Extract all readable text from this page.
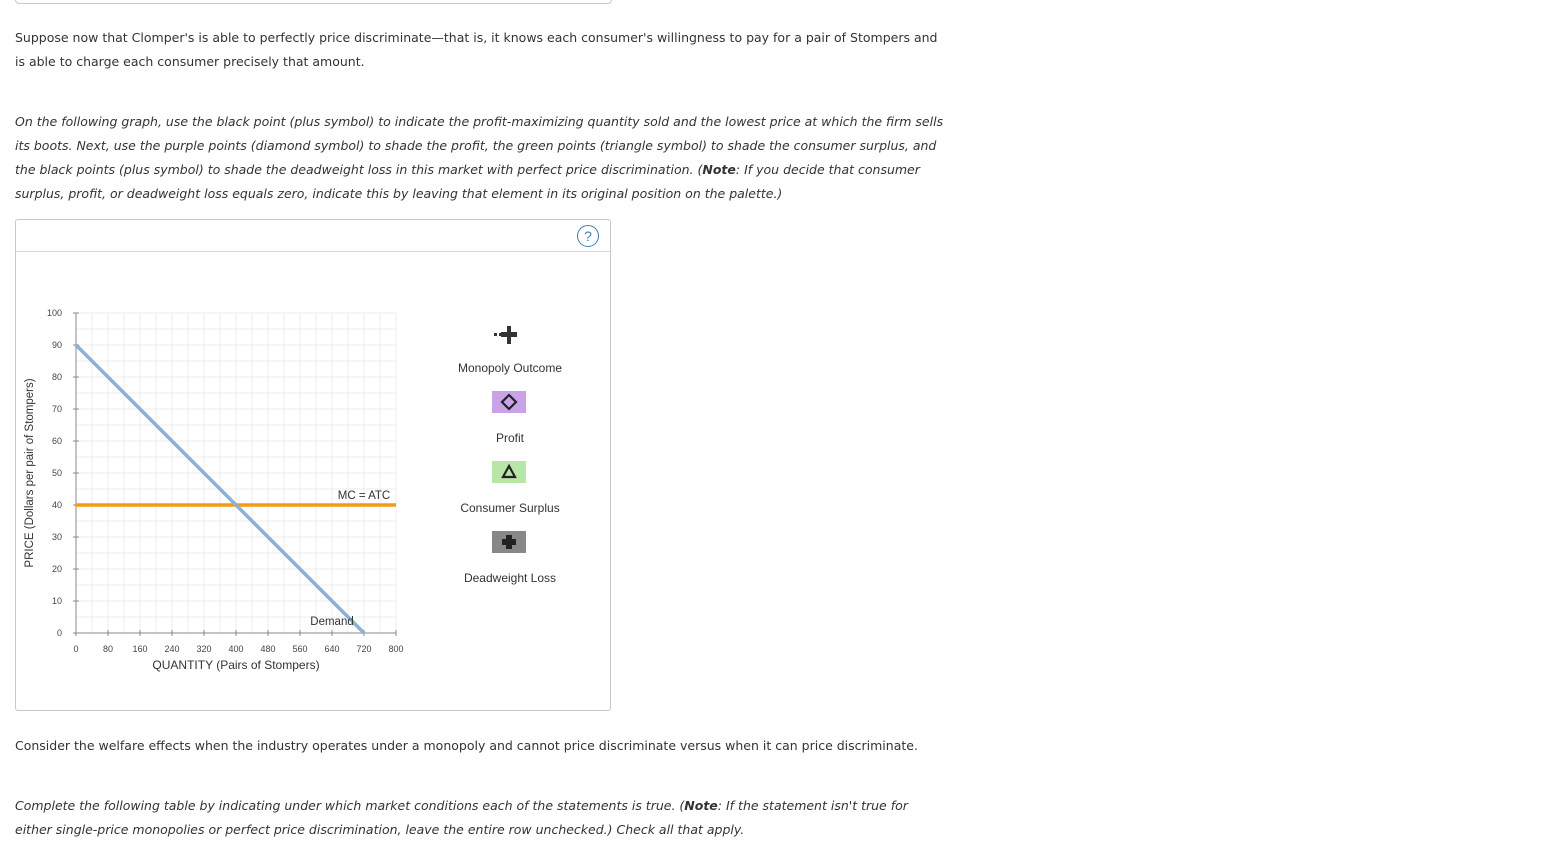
Suppose now that Clomper's is able to perfectly price discriminate—that is, it knows each consumer's willingness to pay for a pair of Stompers and is able to charge each consumer precisely that amount.

On the following graph, use the black point (plus symbol) to indicate the profit-maximizing quantity sold and the lowest price at which the firm sells its boots. Next, use the purple points (diamond symbol) to shade the profit, the green points (triangle symbol) to shade the consumer surplus, and the black points (plus symbol) to shade the deadweight loss in this market with perfect price discrimination. (Note: If you decide that consumer surplus, profit, or deadweight loss equals zero, indicate this by leaving that element in its original position on the palette.)

?
0	80 160 240 320 400 480 560 640 720 800
0
10
20
30
40
50
60
70
80
90
100
QUANTITY (Pairs of Stompers)
PRICE (Dollars per pair of Stompers)	MC = ATC
Demand
Monopoly Outcome
Profit
Consumer Surplus
Deadweight Loss

Consider the welfare effects when the industry operates under a monopoly and cannot price discriminate versus when it can price discriminate.

Complete the following table by indicating under which market conditions each of the statements is true. (Note: If the statement isn't true for either single-price monopolies or perfect price discrimination, leave the entire row unchecked.) Check all that apply.
